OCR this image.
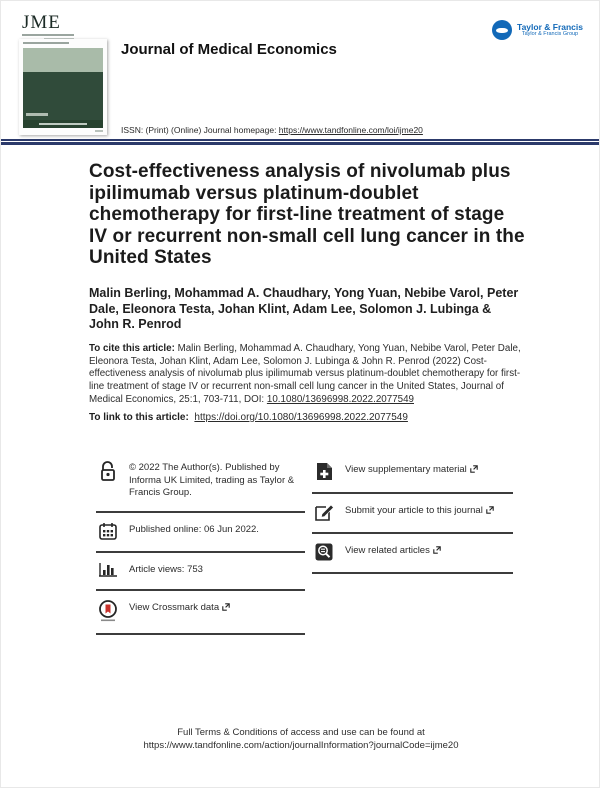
Taylor & Francis
Taylor & Francis Group
JME
Journal of Medical Economics
ISSN: (Print) (Online) Journal homepage: https://www.tandfonline.com/loi/ijme20
Cost-effectiveness analysis of nivolumab plus ipilimumab versus platinum-doublet chemotherapy for first-line treatment of stage IV or recurrent non-small cell lung cancer in the United States
Malin Berling, Mohammad A. Chaudhary, Yong Yuan, Nebibe Varol, Peter Dale, Eleonora Testa, Johan Klint, Adam Lee, Solomon J. Lubinga & John R. Penrod
To cite this article: Malin Berling, Mohammad A. Chaudhary, Yong Yuan, Nebibe Varol, Peter Dale, Eleonora Testa, Johan Klint, Adam Lee, Solomon J. Lubinga & John R. Penrod (2022) Cost-effectiveness analysis of nivolumab plus ipilimumab versus platinum-doublet chemotherapy for first-line treatment of stage IV or recurrent non-small cell lung cancer in the United States, Journal of Medical Economics, 25:1, 703-711, DOI: 10.1080/13696998.2022.2077549
To link to this article: https://doi.org/10.1080/13696998.2022.2077549
© 2022 The Author(s). Published by Informa UK Limited, trading as Taylor & Francis Group.
Published online: 06 Jun 2022.
Article views: 753
View Crossmark data
View supplementary material
Submit your article to this journal
View related articles
Full Terms & Conditions of access and use can be found at
https://www.tandfonline.com/action/journalInformation?journalCode=ijme20
